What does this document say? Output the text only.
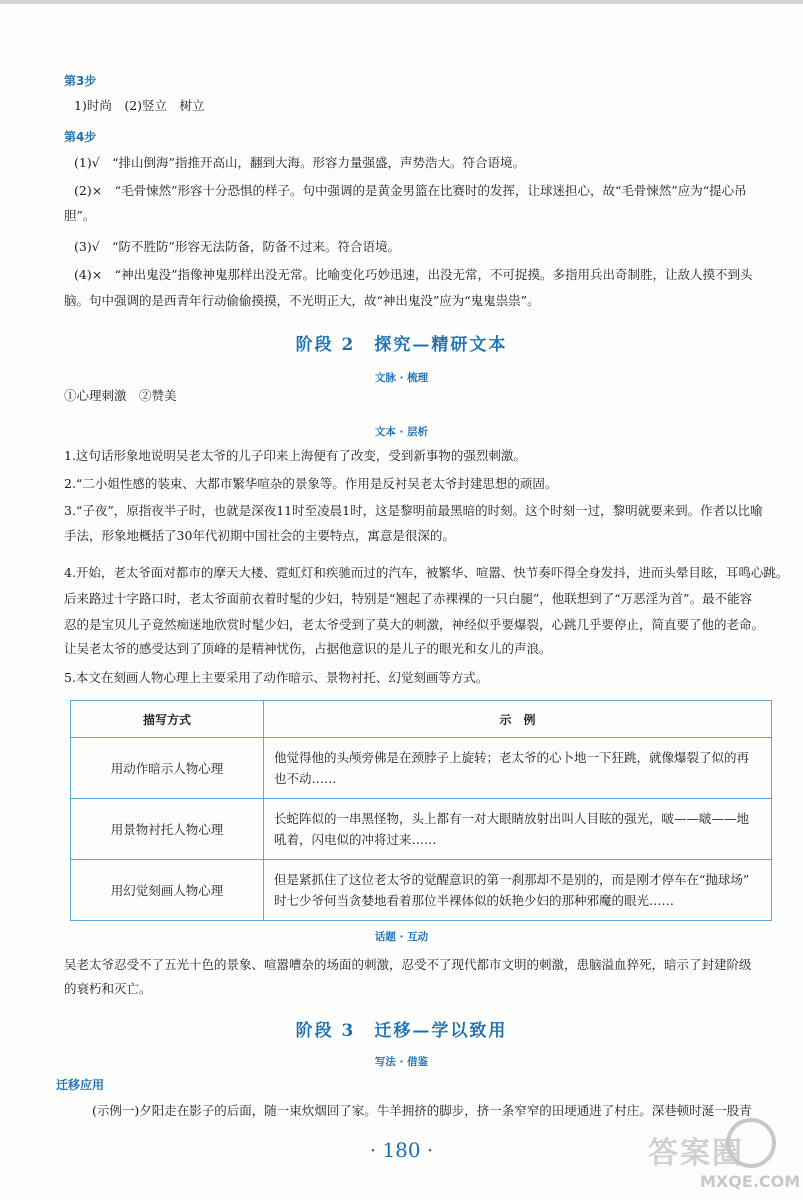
第3步
1)时尚　(2)竖立　树立
第4步
(1)√　“排山倒海”指推开高山，翻到大海。形容力量强盛，声势浩大。符合语境。
(2)×　“毛骨悚然”形容十分恐惧的样子。句中强调的是黄金男篮在比赛时的发挥，让球迷担心，故“毛骨悚然”应为“提心吊
胆”。
(3)√　“防不胜防”形容无法防备，防备不过来。符合语境。
(4)×　“神出鬼没”指像神鬼那样出没无常。比喻变化巧妙迅速，出没无常，不可捉摸。多指用兵出奇制胜，让敌人摸不到头
脑。句中强调的是西青年行动偷偷摸摸，不光明正大，故“神出鬼没”应为“鬼鬼祟祟”。
阶段 2　探究—精研文本
文脉 · 梳理
①心理刺激　②赞美
文本 · 层析
1.这句话形象地说明吴老太爷的儿子印来上海便有了改变，受到新事物的强烈刺激。
2.“二小姐性感的装束、大都市繁华喧杂的景象等。作用是反衬吴老太爷封建思想的顽固。
3.“子夜”，原指夜半子时，也就是深夜11时至凌晨1时，这是黎明前最黑暗的时刻。这个时刻一过，黎明就要来到。作者以比喻
手法，形象地概括了30年代初期中国社会的主要特点，寓意是很深的。
4.开始，老太爷面对都市的摩天大楼、霓虹灯和疾驰而过的汽车，被繁华、喧嚣、快节奏吓得全身发抖，进而头晕目眩，耳鸣心跳。
后来路过十字路口时，老太爷面前衣着时髦的少妇，特别是“翘起了赤裸裸的一只白腿”，他联想到了“万恶淫为首”。最不能容
忍的是宝贝儿子竟然痴迷地欣赏时髦少妇，老太爷受到了莫大的刺激，神经似乎要爆裂，心跳几乎要停止，简直要了他的老命。
让吴老太爷的感受达到了顶峰的是精神忧伤，占据他意识的是儿子的眼光和女儿的声浪。
5.本文在刻画人物心理上主要采用了动作暗示、景物衬托、幻觉刻画等方式。
描写方式	示　例
用动作暗示人物心理	他觉得他的头颅旁佛是在颈脖子上旋转；老太爷的心卜地一下狂跳，就像爆裂了似的再
也不动……

用景物衬托人物心理	长蛇阵似的一串黑怪物，头上都有一对大眼睛放射出叫人目眩的强光，啵——啵——地
吼着，闪电似的冲将过来……

用幻觉刻画人物心理	但是紧抓住了这位老太爷的觉醒意识的第一刹那却不是别的，而是刚才停车在“抛球场”
时七少爷何当贪婪地看着那位半裸体似的妖艳少妇的那种邪魔的眼光……
话题 · 互动
吴老太爷忍受不了五光十色的景象、喧嚣嘈杂的场面的刺激，忍受不了现代都市文明的刺激，患脑溢血猝死，暗示了封建阶级
的衰朽和灭亡。
阶段 3　迁移—学以致用
写法 · 借鉴
迁移应用
(示例一)夕阳走在影子的后面，随一束炊烟回了家。牛羊拥挤的脚步，挤一条窄窄的田埂通进了村庄。深巷顿时涎一股青
· 180 ·	答案圈
MXQE.COM
